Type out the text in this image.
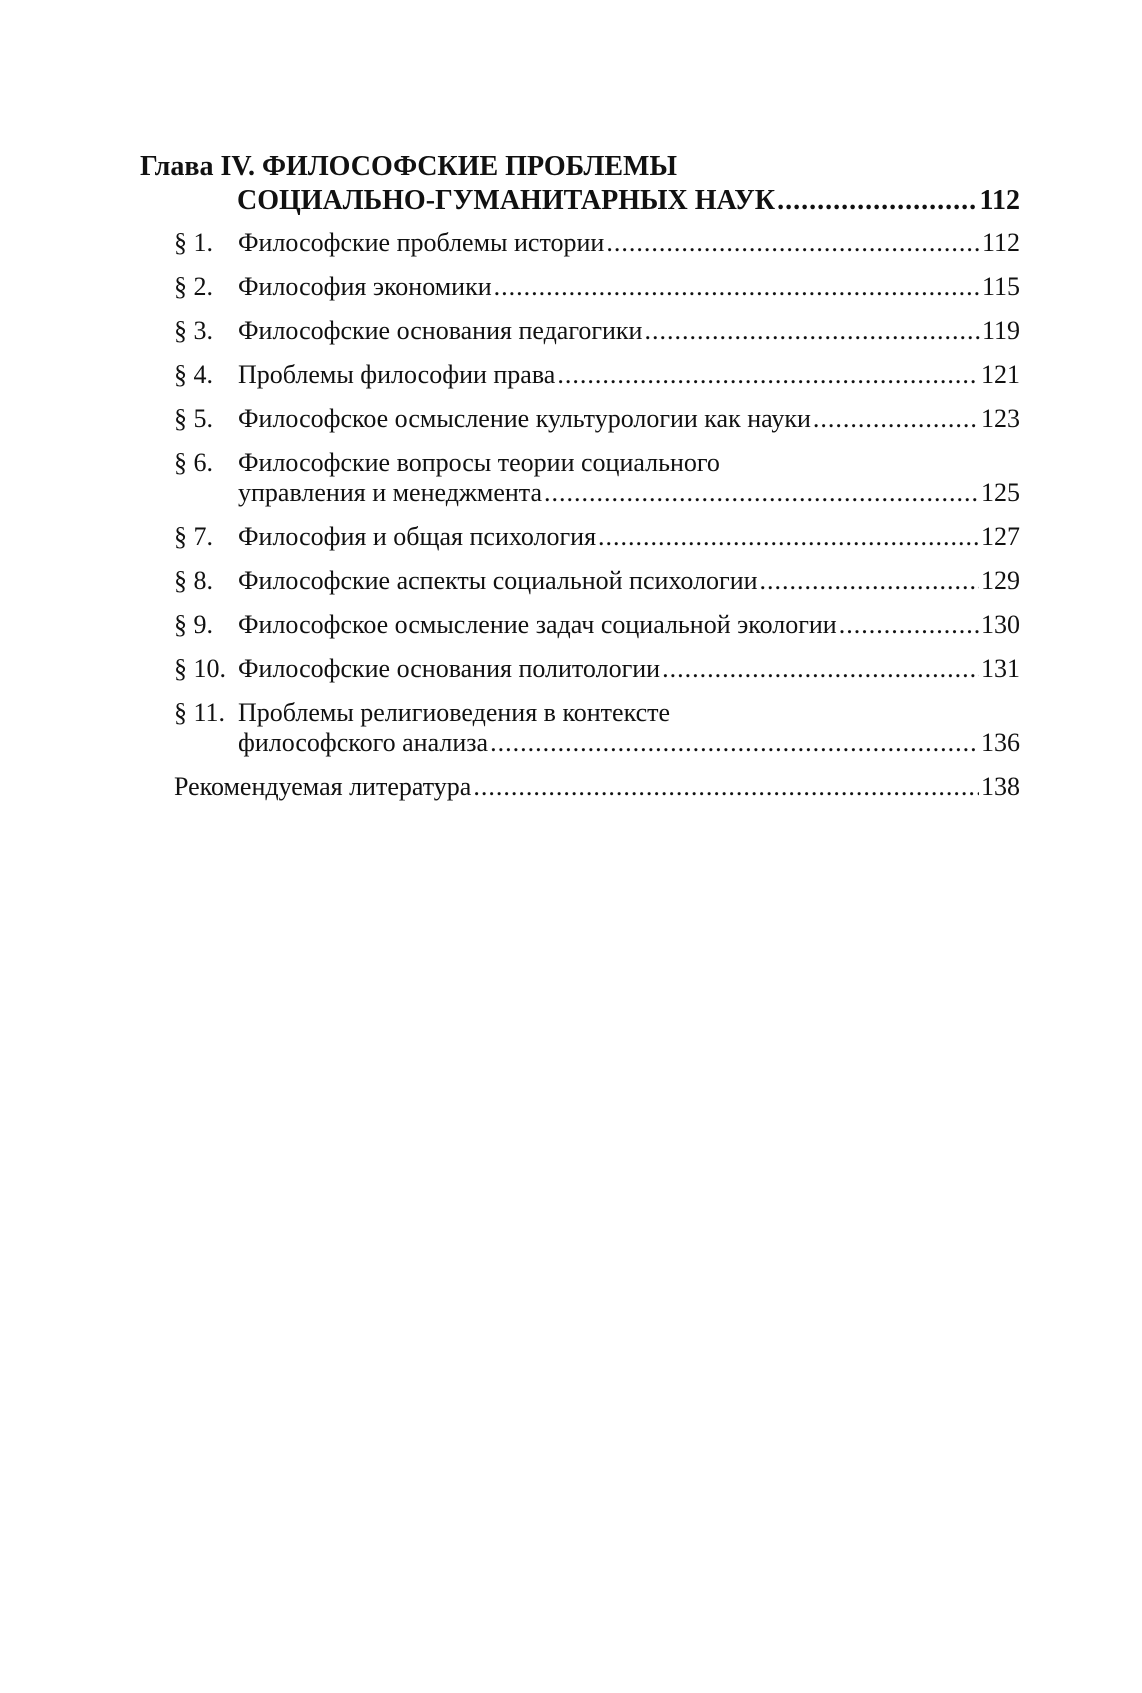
Глава IV. ФИЛОСОФСКИЕ ПРОБЛЕМЫ
СОЦИАЛЬНО-ГУМАНИТАРНЫХ НАУК .....	112
§ 1. Философские проблемы истории .....	112
§ 2. Философия экономики .....	115
§ 3. Философские основания педагогики .....	119
§ 4. Проблемы философии права .....	121
§ 5. Философское осмысление культурологии как науки .....	123
§ 6. Философские вопросы теории социального
управления и менеджмента .....	125
§ 7. Философия и общая психология .....	127
§ 8. Философские аспекты социальной психологии .....	129
§ 9. Философское осмысление задач социальной экологии .....	130
§ 10. Философские основания политологии .....	131
§ 11. Проблемы религиоведения в контексте
философского анализа .....	136
Рекомендуемая литература .....	138
